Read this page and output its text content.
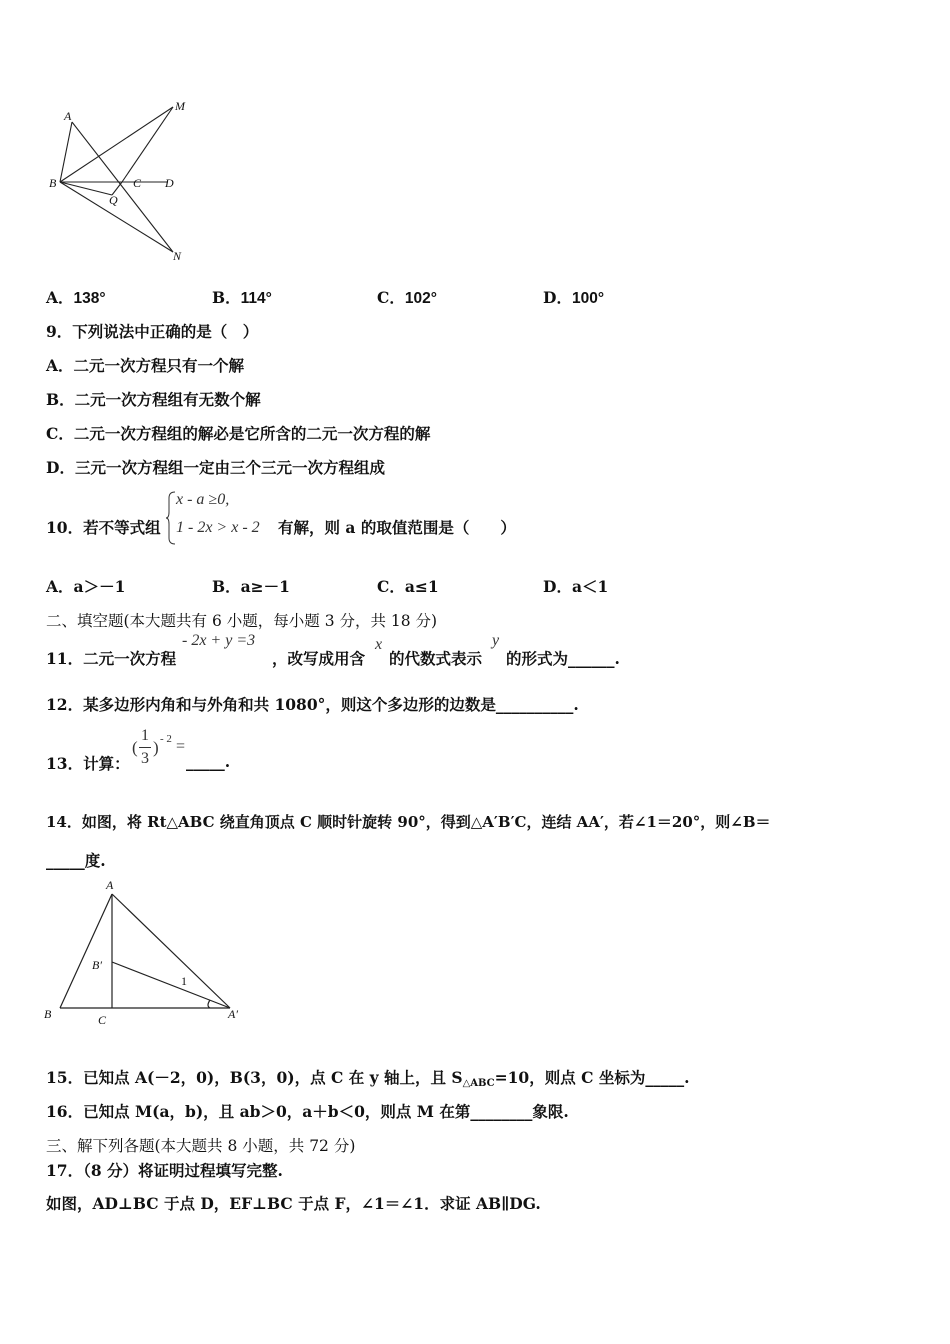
A
M
B	C D
Q
N
A．138°	B．114°	C．102°	D．100°
9．下列说法中正确的是（　）
A．二元一次方程只有一个解
B．二元一次方程组有无数个解
C．二元一次方程组的解必是它所含的二元一次方程的解
D．三元一次方程组一定由三个三元一次方程组成
10．若不等式组
x - a ≥0,
1 - 2x > x - 2 有解，则 a 的取值范围是（　　）
A．a＞－1	B．a≥－1	C．a≤1	D．a＜1
二、填空题(本大题共有 6 小题，每小题 3 分，共 18 分)
11．二元一次方程
- 2x + y =3
，改写成用含
x
的代数式表示
y
的形式为______.
12．某多边形内角和与外角和共 1080°，则这个多边形的边数是__________.
13．计算：
(
1
3
) - 2 =
_____.
14．如图，将 Rt△ABC 绕直角顶点 C 顺时针旋转 90°，得到△A′B′C，连结 AA′，若∠1＝20°，则∠B＝
_____度.
A
B′
B	C	A′
1
15．已知点 A(－2，0)，B(3，0)，点 C 在 y 轴上，且 $S_{\triangle ABC}=10$，则点 C 坐标为_____.
16．已知点 M(a，b)，且 ab＞0，a＋b＜0，则点 M 在第________象限.
三、解下列各题(本大题共 8 小题，共 72 分)
17．（8 分）将证明过程填写完整.
如图，AD⊥BC 于点 D，EF⊥BC 于点 F，∠1＝∠1．求证 AB∥DG.
